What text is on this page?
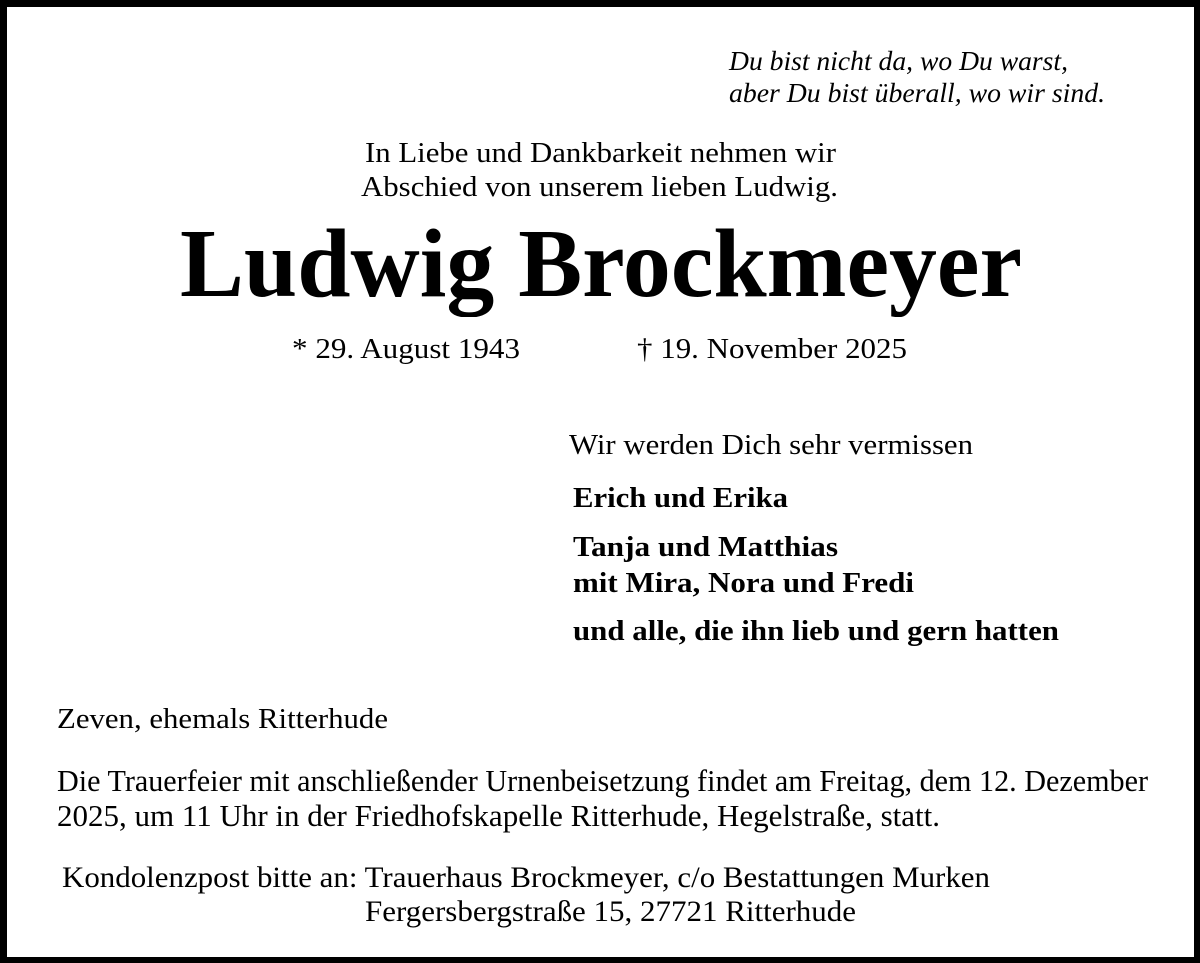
Du bist nicht da, wo Du warst,
aber Du bist überall, wo wir sind.
In Liebe und Dankbarkeit nehmen wir
Abschied von unserem lieben Ludwig.
Ludwig Brockmeyer
* 29. August 1943	† 19. November 2025
Wir werden Dich sehr vermissen
Erich und Erika
Tanja und Matthias
mit Mira, Nora und Fredi
und alle, die ihn lieb und gern hatten
Zeven, ehemals Ritterhude
Die Trauerfeier mit anschließender Urnenbeisetzung findet am Freitag, dem 12. Dezember
2025, um 11 Uhr in der Friedhofskapelle Ritterhude, Hegelstraße, statt.
Kondolenzpost bitte an: Trauerhaus Brockmeyer, c/o Bestattungen Murken
Fergersbergstraße 15, 27721 Ritterhude
